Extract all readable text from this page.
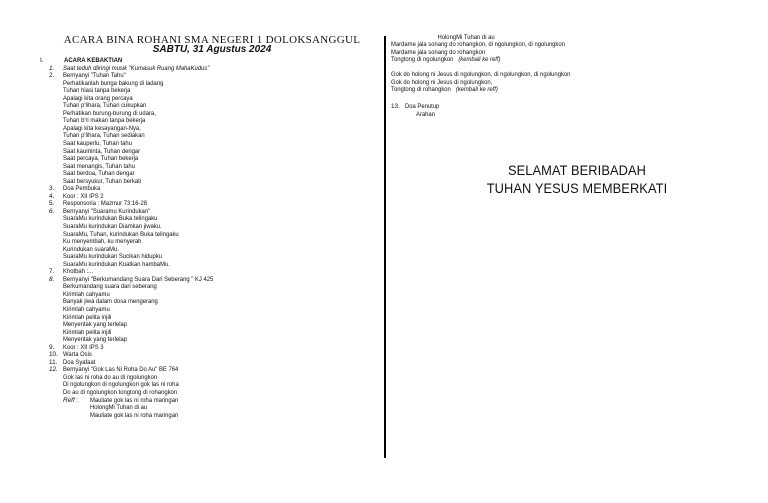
ACARA BINA ROHANI SMA NEGERI 1 DOLOKSANGGUL
SABTU, 31 Agustus 2024
I.	ACARA KEBAKTIAN
1.	Saat teduh diiringi musik "Kumasuk Ruang MahaKudus"
2.	Bernyanyi "Tuhan Tahu"
Perhatikanlah bunga bakung di ladang
Tuhan hiasi tanpa bekerja
Apalagi kita orang percaya
Tuhan p'lihara, Tuhan cukupkan
Perhatikan burung-burung di udara,
Tuhan b'ri makan tanpa bekerja
Apalagi kita kesayangan-Nya,
Tuhan p'lihara, Tuhan sediakan
Saat kauperlu, Tuhan tahu
Saat kauminta, Tuhan dengar
Saat percaya, Tuhan bekerja
Saat menangis, Tuhan tahu
Saat berdoa, Tuhan dengar
Saat bersyukur, Tuhan berkati
3.	Doa Pembuka
4.	Koor : XII IPS 2
5.	Responsoria : Mazmur 73:16-28
6.	Bernyanyi "Suaramu Kurindukan"
SuaraMu kurindukan Buka telingaku
SuaraMu kurindukan Diamkan jiwaku.
SuaraMu, Tuhan, kurindukan Buka telingaku
Ku menyembah, ku menyerah
Kurindukan suaraMu.
SuaraMu kurindukan Sucikan hidupku
SuaraMu kurindukan Kuatkan hambaMu.
7.	Khotbah :...
8.	Bernyanyi "Berkumandang Suara Dari Seberang " KJ 425
Berkumandang suara dari seberang
Kirimlah cahyamu
Banyak jiwa dalam dosa mengerang
Kirimlah cahyamu
Kirimlah pelita injili
Menyentak yang terlelap
Kirimlah pelita injili
Menyentak yang terlelap
9.	Koor : XII IPS 3
10. Warta Osis
11. Doa Syafaat
12. Bernyanyi "Gok Las Ni Roha Do Au" BE 764
Gok las ni roha do au di ngolungkon
Di ngolungkon di ngolungkon gok las ni roha
Do au di ngolungkon tongtong di rohangkon
Reff :	Mauliate gok las ni roha maringan
HolongMi Tuhan di au
Mauliate gok las ni roha maringan
HolongMi Tuhan di au
Mardame jala sonang do rohangkon, di ngolungkon, di ngolungkon
Mardame jala sonang do rohangkon
Tongtong di ngolungkon (kembali ke reff)
Gok do holong ni Jesus di ngolungkon, di ngolungkon, di ngolungkon
Gok do holong ni Jesus di ngolungkon,
Tongtong di rohangkon (kembali ke reff)
13. Doa Penutup
Arahan
SELAMAT BERIBADAH
TUHAN YESUS MEMBERKATI
